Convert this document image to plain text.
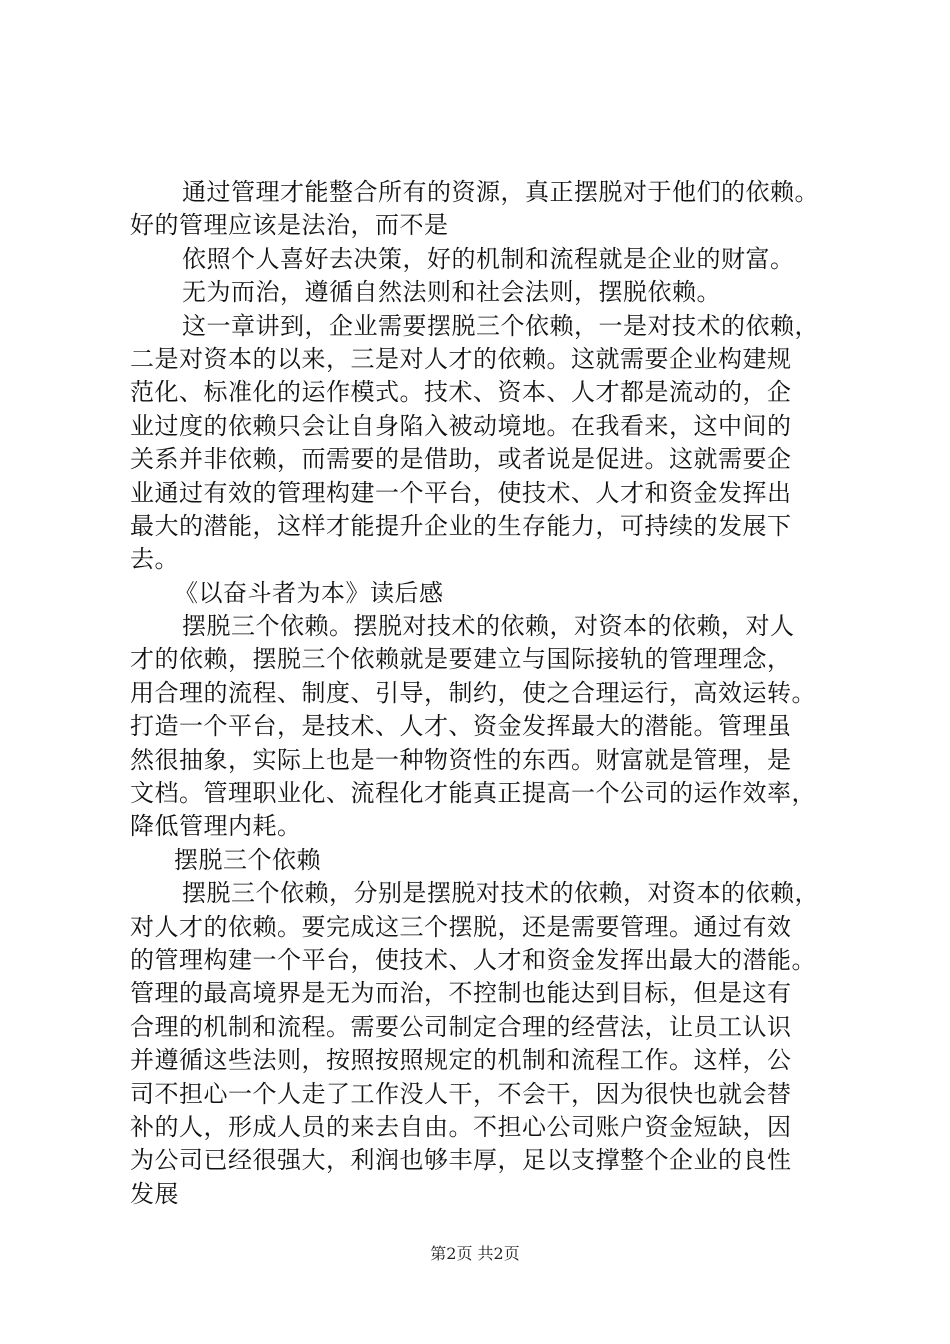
通过管理才能整合所有的资源，真正摆脱对于他们的依赖。
好的管理应该是法治，而不是
依照个人喜好去决策，好的机制和流程就是企业的财富。
无为而治，遵循自然法则和社会法则，摆脱依赖。
这一章讲到，企业需要摆脱三个依赖，一是对技术的依赖，
二是对资本的以来，三是对人才的依赖。这就需要企业构建规
范化、标准化的运作模式。技术、资本、人才都是流动的，企
业过度的依赖只会让自身陷入被动境地。在我看来，这中间的
关系并非依赖，而需要的是借助，或者说是促进。这就需要企
业通过有效的管理构建一个平台，使技术、人才和资金发挥出
最大的潜能，这样才能提升企业的生存能力，可持续的发展下
去。
《以奋斗者为本》读后感
摆脱三个依赖。摆脱对技术的依赖，对资本的依赖，对人
才的依赖，摆脱三个依赖就是要建立与国际接轨的管理理念，
用合理的流程、制度、引导，制约，使之合理运行，高效运转。
打造一个平台，是技术、人才、资金发挥最大的潜能。管理虽
然很抽象，实际上也是一种物资性的东西。财富就是管理，是
文档。管理职业化、流程化才能真正提高一个公司的运作效率，
降低管理内耗。
摆脱三个依赖
摆脱三个依赖，分别是摆脱对技术的依赖，对资本的依赖，
对人才的依赖。要完成这三个摆脱，还是需要管理。通过有效
的管理构建一个平台，使技术、人才和资金发挥出最大的潜能。
管理的最高境界是无为而治，不控制也能达到目标，但是这有
合理的机制和流程。需要公司制定合理的经营法，让员工认识
并遵循这些法则，按照按照规定的机制和流程工作。这样，公
司不担心一个人走了工作没人干，不会干，因为很快也就会替
补的人，形成人员的来去自由。不担心公司账户资金短缺，因
为公司已经很强大，利润也够丰厚，足以支撑整个企业的良性
发展
第2页 共2页
